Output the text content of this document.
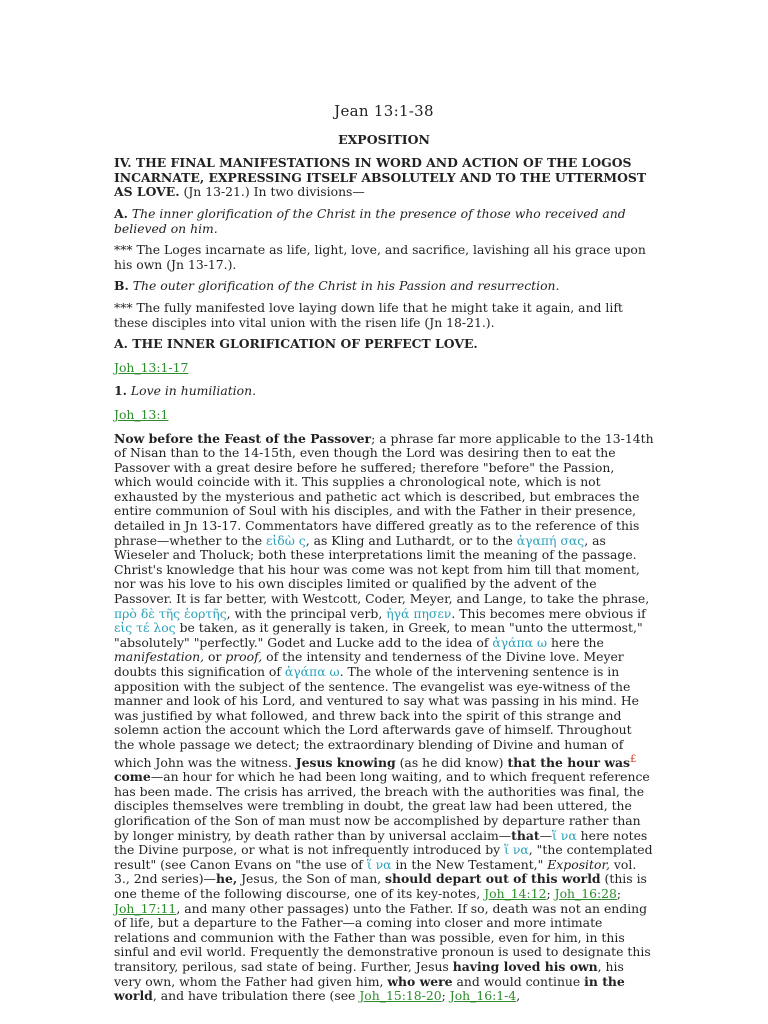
Jean 13:1-38
EXPOSITION

IV. THE FINAL MANIFESTATIONS IN WORD AND ACTION OF THE LOGOS INCARNATE, EXPRESSING ITSELF ABSOLUTELY AND TO THE UTTERMOST AS LOVE. (Jn 13-21.) In two divisions—

A. The inner glorification of the Christ in the presence of those who received and believed on him.

*** The Loges incarnate as life, light, love, and sacrifice, lavishing all his grace upon his own (Jn 13-17.).

B. The outer glorification of the Christ in his Passion and resurrection.

*** The fully manifested love laying down life that he might take it again, and lift these disciples into vital union with the risen life (Jn 18-21.).

A. THE INNER GLORIFICATION OF PERFECT LOVE.

Joh_13:1-17

1. Love in humiliation.

Joh_13:1

Now before the Feast of the Passover; a phrase far more applicable to the 13-14th of Nisan than to the 14-15th, even though the Lord was desiring then to eat the Passover with a great desire before he suffered; therefore "before" the Passion, which would coincide with it. This supplies a chronological note, which is not exhausted by the mysterious and pathetic act which is described, but embraces the entire communion of Soul with his disciples, and with the Father in their presence, detailed in Jn 13-17. Commentators have differed greatly as to the reference of this phrase—whether to the εἰδὼ ς, as Kling and Luthardt, or to the ἀγαπή σας, as Wieseler and Tholuck; both these interpretations limit the meaning of the passage. Christ's knowledge that his hour was come was not kept from him till that moment, nor was his love to his own disciples limited or qualified by the advent of the Passover. It is far better, with Westcott, Coder, Meyer, and Lange, to take the phrase, πρὸ δὲ τῆς ἑορτῆς, with the principal verb, ἠγά πησεν. This becomes mere obvious if εἰς τέ λος be taken, as it generally is taken, in Greek, to mean "unto the uttermost," "absolutely" "perfectly." Godet and Lucke add to the idea of ἀγάπα ω here the manifestation, or proof, of the intensity and tenderness of the Divine love. Meyer doubts this signification of ἀγάπα ω. The whole of the intervening sentence is in apposition with the subject of the sentence. The evangelist was eye-witness of the manner and look of his Lord, and ventured to say what was passing in his mind. He was justified by what followed, and threw back into the spirit of this strange and solemn action the account which the Lord afterwards gave of himself. Throughout the whole passage we detect; the extraordinary blending of Divine and human of which John was the witness. Jesus knowing (as he did know) that the hour was£ come—an hour for which he had been long waiting, and to which frequent reference has been made. The crisis has arrived, the breach with the authorities was final, the disciples themselves were trembling in doubt, the great law had been uttered, the glorification of the Son of man must now be accomplished by departure rather than by longer ministry, by death rather than by universal acclaim—that—ἵ να here notes the Divine purpose, or what is not infrequently introduced by ἵ να, "the contemplated result" (see Canon Evans on "the use of ἵ να in the New Testament," Expositor, vol. 3., 2nd series)—he, Jesus, the Son of man, should depart out of this world (this is one theme of the following discourse, one of its key-notes, Joh_14:12; Joh_16:28; Joh_17:11, and many other passages) unto the Father. If so, death was not an ending of life, but a departure to the Father—a coming into closer and more intimate relations and communion with the Father than was possible, even for him, in this sinful and evil world. Frequently the demonstrative pronoun is used to designate this transitory, perilous, sad state of being. Further, Jesus having loved his own, his very own, whom the Father had given him, who were and would continue in the world, and have tribulation there (see Joh_15:18-20; Joh_16:1-4,
